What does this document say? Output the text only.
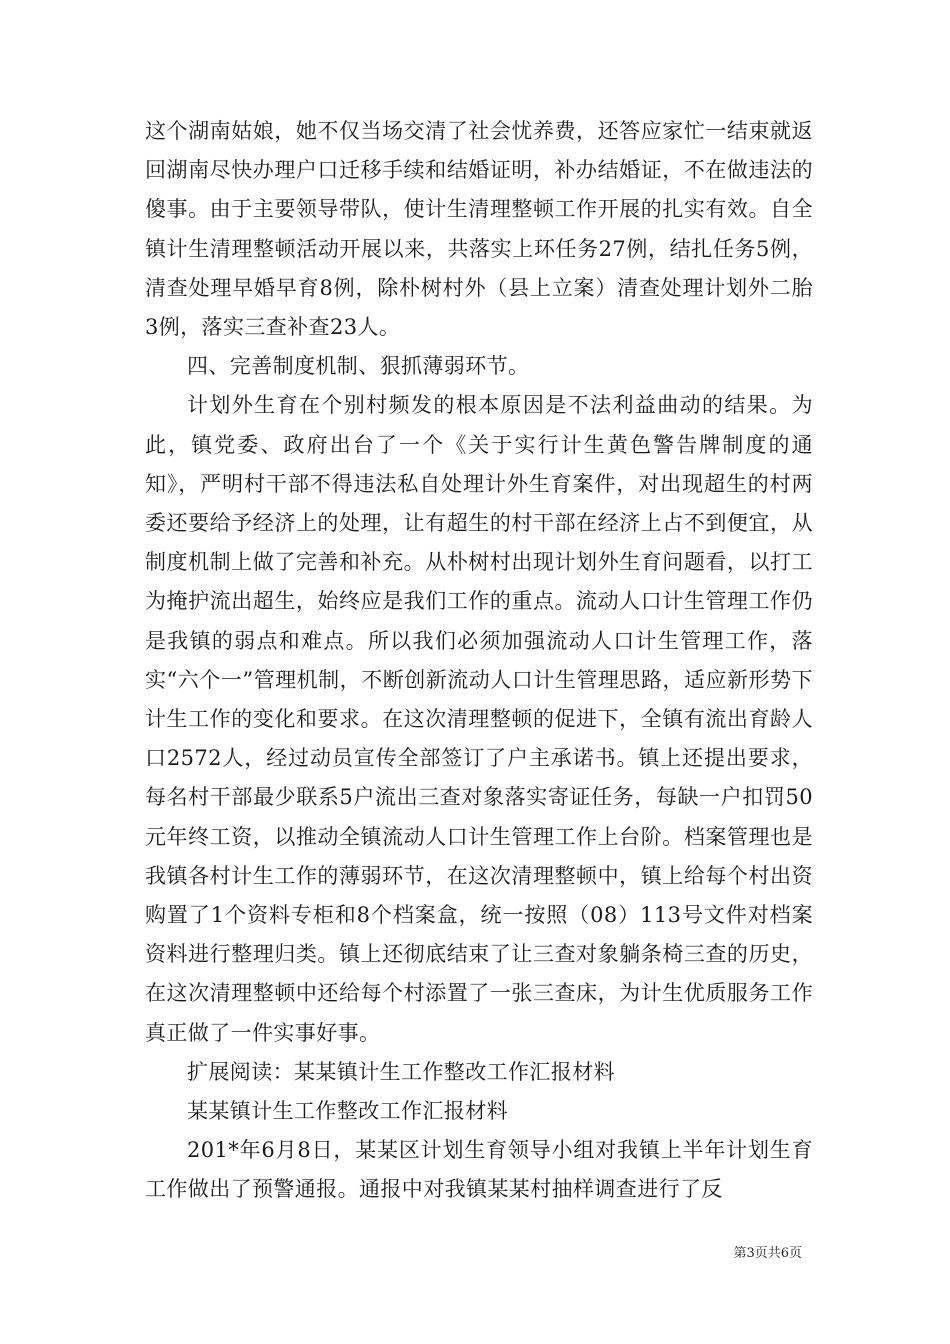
这个湖南姑娘，她不仅当场交清了社会忧养费，还答应家忙一结束就返回湖南尽快办理户口迁移手续和结婚证明，补办结婚证，不在做违法的傻事。由于主要领导带队，使计生清理整顿工作开展的扎实有效。自全镇计生清理整顿活动开展以来，共落实上环任务27例，结扎任务5例，清查处理早婚早育8例，除朴树村外（县上立案）清查处理计划外二胎3例，落实三查补查23人。

四、完善制度机制、狠抓薄弱环节。

计划外生育在个别村频发的根本原因是不法利益曲动的结果。为此，镇党委、政府出台了一个《关于实行计生黄色警告牌制度的通知》，严明村干部不得违法私自处理计外生育案件，对出现超生的村两委还要给予经济上的处理，让有超生的村干部在经济上占不到便宜，从制度机制上做了完善和补充。从朴树村出现计划外生育问题看，以打工为掩护流出超生，始终应是我们工作的重点。流动人口计生管理工作仍是我镇的弱点和难点。所以我们必须加强流动人口计生管理工作，落实“六个一”管理机制，不断创新流动人口计生管理思路，适应新形势下计生工作的变化和要求。在这次清理整顿的促进下，全镇有流出育龄人口2572人，经过动员宣传全部签订了户主承诺书。镇上还提出要求，每名村干部最少联系5户流出三查对象落实寄证任务，每缺一户扣罚50元年终工资，以推动全镇流动人口计生管理工作上台阶。档案管理也是我镇各村计生工作的薄弱环节，在这次清理整顿中，镇上给每个村出资购置了1个资料专柜和8个档案盒，统一按照（08）113号文件对档案资料进行整理归类。镇上还彻底结束了让三查对象躺条椅三查的历史，在这次清理整顿中还给每个村添置了一张三查床，为计生优质服务工作真正做了一件实事好事。

扩展阅读：某某镇计生工作整改工作汇报材料

某某镇计生工作整改工作汇报材料

201*年6月8日，某某区计划生育领导小组对我镇上半年计划生育工作做出了预警通报。通报中对我镇某某村抽样调查进行了反

第3页共6页
